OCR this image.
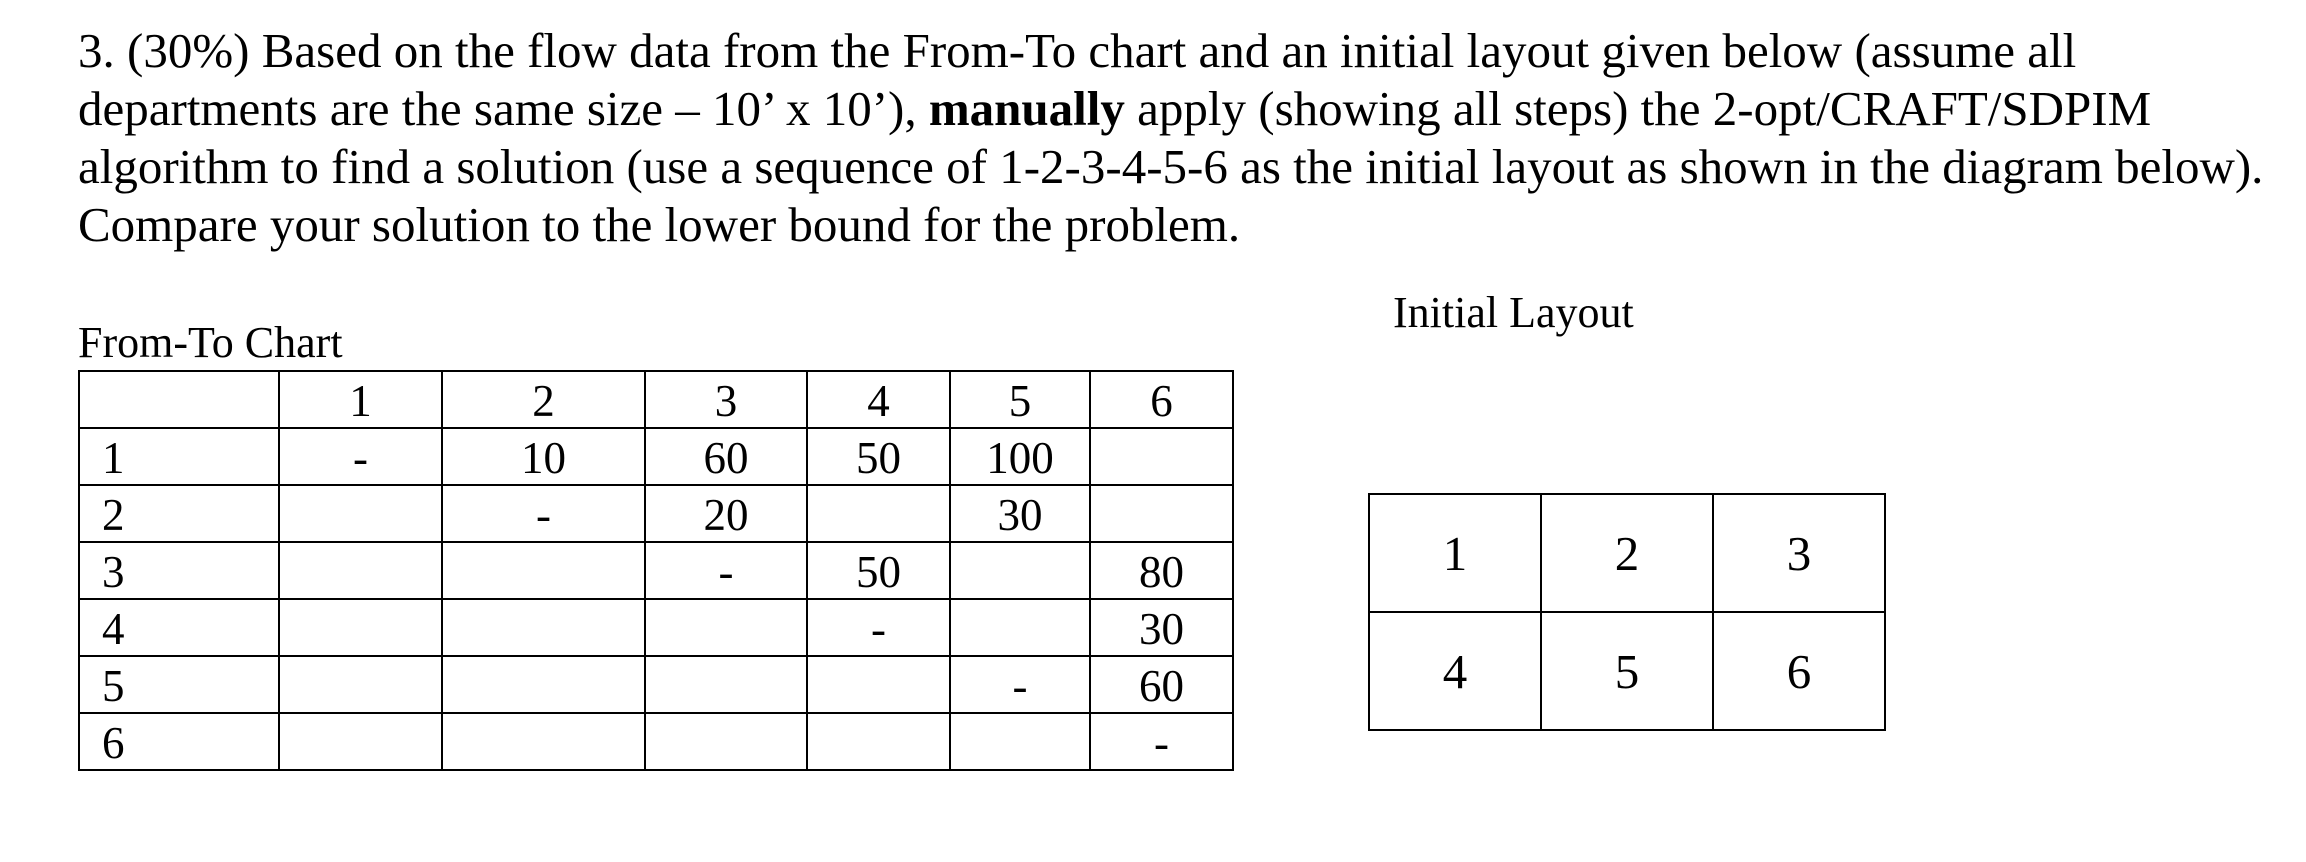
3. (30%) Based on the flow data from the From-To chart and an initial layout given below (assume all departments are the same size – 10’ x 10’), manually apply (showing all steps) the 2-opt/CRAFT/SDPIM algorithm to find a solution (use a sequence of 1-2-3-4-5-6 as the initial layout as shown in the diagram below). Compare your solution to the lower bound for the problem.

From-To Chart
	1	2	3	4	5	6
1	-	10	60	50	100	
2		-	20		30	
3			-	50		80
4				-		30
5					-	60
6						-
Initial Layout
1	2	3
4	5	6
